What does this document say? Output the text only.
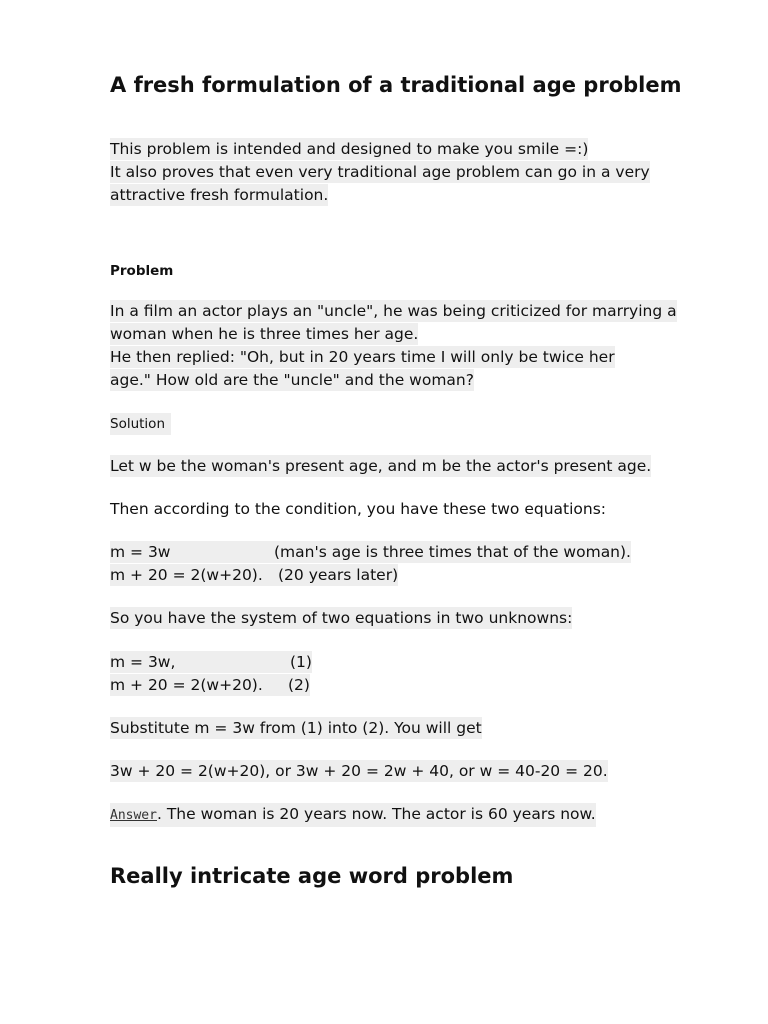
A fresh formulation of a traditional age problem
This problem is intended and designed to make you smile =:)
It also proves that even very traditional age problem can go in a very
attractive fresh formulation.
Problem
In a film an actor plays an "uncle", he was being criticized for marrying a
woman when he is three times her age.
He then replied: "Oh, but in 20 years time I will only be twice her
age." How old are the "uncle" and the woman?
Solution
Let w be the woman's present age, and m be the actor's present age.
Then according to the condition, you have these two equations:
m = 3w	(man's age is three times that of the woman).
m + 20 = 2(w+20). (20 years later)
So you have the system of two equations in two unknowns:
m = 3w,	(1)
m + 20 = 2(w+20). (2)
Substitute m = 3w from (1) into (2). You will get
3w + 20 = 2(w+20), or 3w + 20 = 2w + 40, or w = 40-20 = 20.
Answer. The woman is 20 years now. The actor is 60 years now.
Really intricate age word problem
